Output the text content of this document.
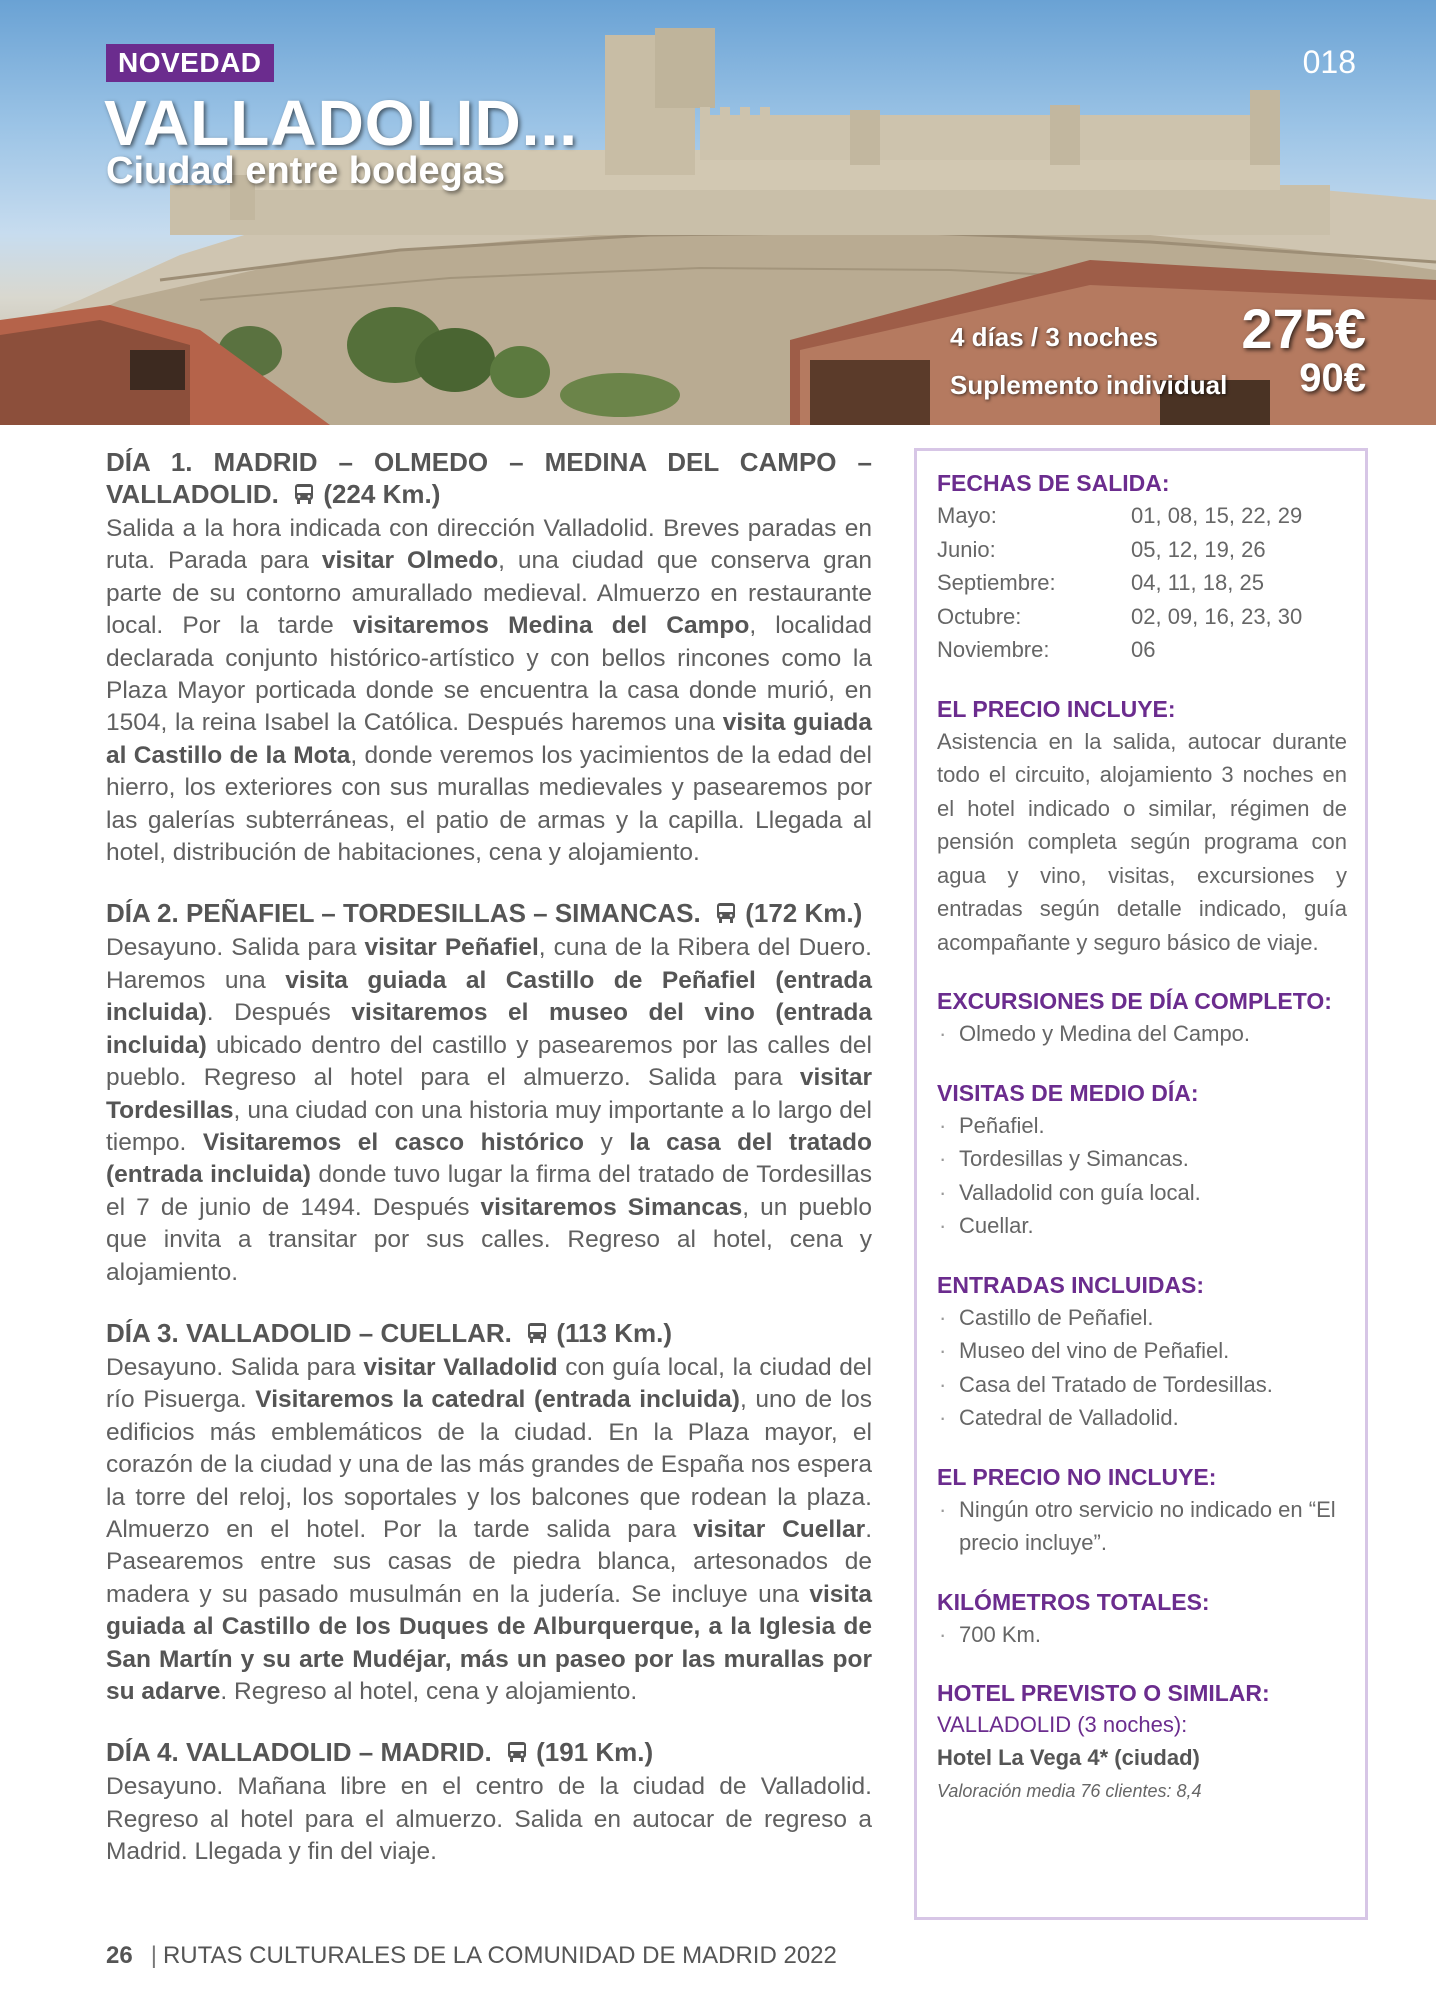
NOVEDAD
VALLADOLID...
Ciudad entre bodegas
018
4 días / 3 noches 275€
Suplemento individual 90€
DÍA 1. MADRID – OLMEDO – MEDINA DEL CAMPO – VALLADOLID. (224 Km.)

Salida a la hora indicada con dirección Valladolid. Breves paradas en ruta. Parada para visitar Olmedo, una ciudad que conserva gran parte de su contorno amurallado medieval. Almuerzo en restaurante local. Por la tarde visitaremos Medina del Campo, localidad declarada conjunto histórico-artístico y con bellos rincones como la Plaza Mayor porticada donde se encuentra la casa donde murió, en 1504, la reina Isabel la Católica. Después haremos una visita guiada al Castillo de la Mota, donde veremos los yacimientos de la edad del hierro, los exteriores con sus murallas medievales y pasearemos por las galerías subterráneas, el patio de armas y la capilla. Llegada al hotel, distribución de habitaciones, cena y alojamiento.

DÍA 2. PEÑAFIEL – TORDESILLAS – SIMANCAS. (172 Km.)

Desayuno. Salida para visitar Peñafiel, cuna de la Ribera del Duero. Haremos una visita guiada al Castillo de Peñafiel (entrada incluida). Después visitaremos el museo del vino (entrada incluida) ubicado dentro del castillo y pasearemos por las calles del pueblo. Regreso al hotel para el almuerzo. Salida para visitar Tordesillas, una ciudad con una historia muy importante a lo largo del tiempo. Visitaremos el casco histórico y la casa del tratado (entrada incluida) donde tuvo lugar la firma del tratado de Tordesillas el 7 de junio de 1494. Después visitaremos Simancas, un pueblo que invita a transitar por sus calles. Regreso al hotel, cena y alojamiento.

DÍA 3. VALLADOLID – CUELLAR. (113 Km.)

Desayuno. Salida para visitar Valladolid con guía local, la ciudad del río Pisuerga. Visitaremos la catedral (entrada incluida), uno de los edificios más emblemáticos de la ciudad. En la Plaza mayor, el corazón de la ciudad y una de las más grandes de España nos espera la torre del reloj, los soportales y los balcones que rodean la plaza. Almuerzo en el hotel. Por la tarde salida para visitar Cuellar. Pasearemos entre sus casas de piedra blanca, artesonados de madera y su pasado musulmán en la judería. Se incluye una visita guiada al Castillo de los Duques de Alburquerque, a la Iglesia de San Martín y su arte Mudéjar, más un paseo por las murallas por su adarve. Regreso al hotel, cena y alojamiento.

DÍA 4. VALLADOLID – MADRID. (191 Km.)

Desayuno. Mañana libre en el centro de la ciudad de Valladolid. Regreso al hotel para el almuerzo. Salida en autocar de regreso a Madrid. Llegada y fin del viaje.

FECHAS DE SALIDA:
Mayo:	01, 08, 15, 22, 29
Junio:	05, 12, 19, 26
Septiembre:	04, 11, 18, 25
Octubre:	02, 09, 16, 23, 30
Noviembre:	06
EL PRECIO INCLUYE:

Asistencia en la salida, autocar durante todo el circuito, alojamiento 3 noches en el hotel indicado o similar, régimen de pensión completa según programa con agua y vino, visitas, excursiones y entradas según detalle indicado, guía acompañante y seguro básico de viaje.

EXCURSIONES DE DÍA COMPLETO:
· Olmedo y Medina del Campo.
VISITAS DE MEDIO DÍA:
· Peñafiel.
· Tordesillas y Simancas.
· Valladolid con guía local.
· Cuellar.
ENTRADAS INCLUIDAS:
· Castillo de Peñafiel.
· Museo del vino de Peñafiel.
· Casa del Tratado de Tordesillas.
· Catedral de Valladolid.
EL PRECIO NO INCLUYE:
· Ningún otro servicio no indicado en “El precio incluye”.
KILÓMETROS TOTALES:
· 700 Km.
HOTEL PREVISTO O SIMILAR:
VALLADOLID (3 noches):
Hotel La Vega 4* (ciudad)
Valoración media 76 clientes: 8,4
26 | RUTAS CULTURALES DE LA COMUNIDAD DE MADRID 2022
